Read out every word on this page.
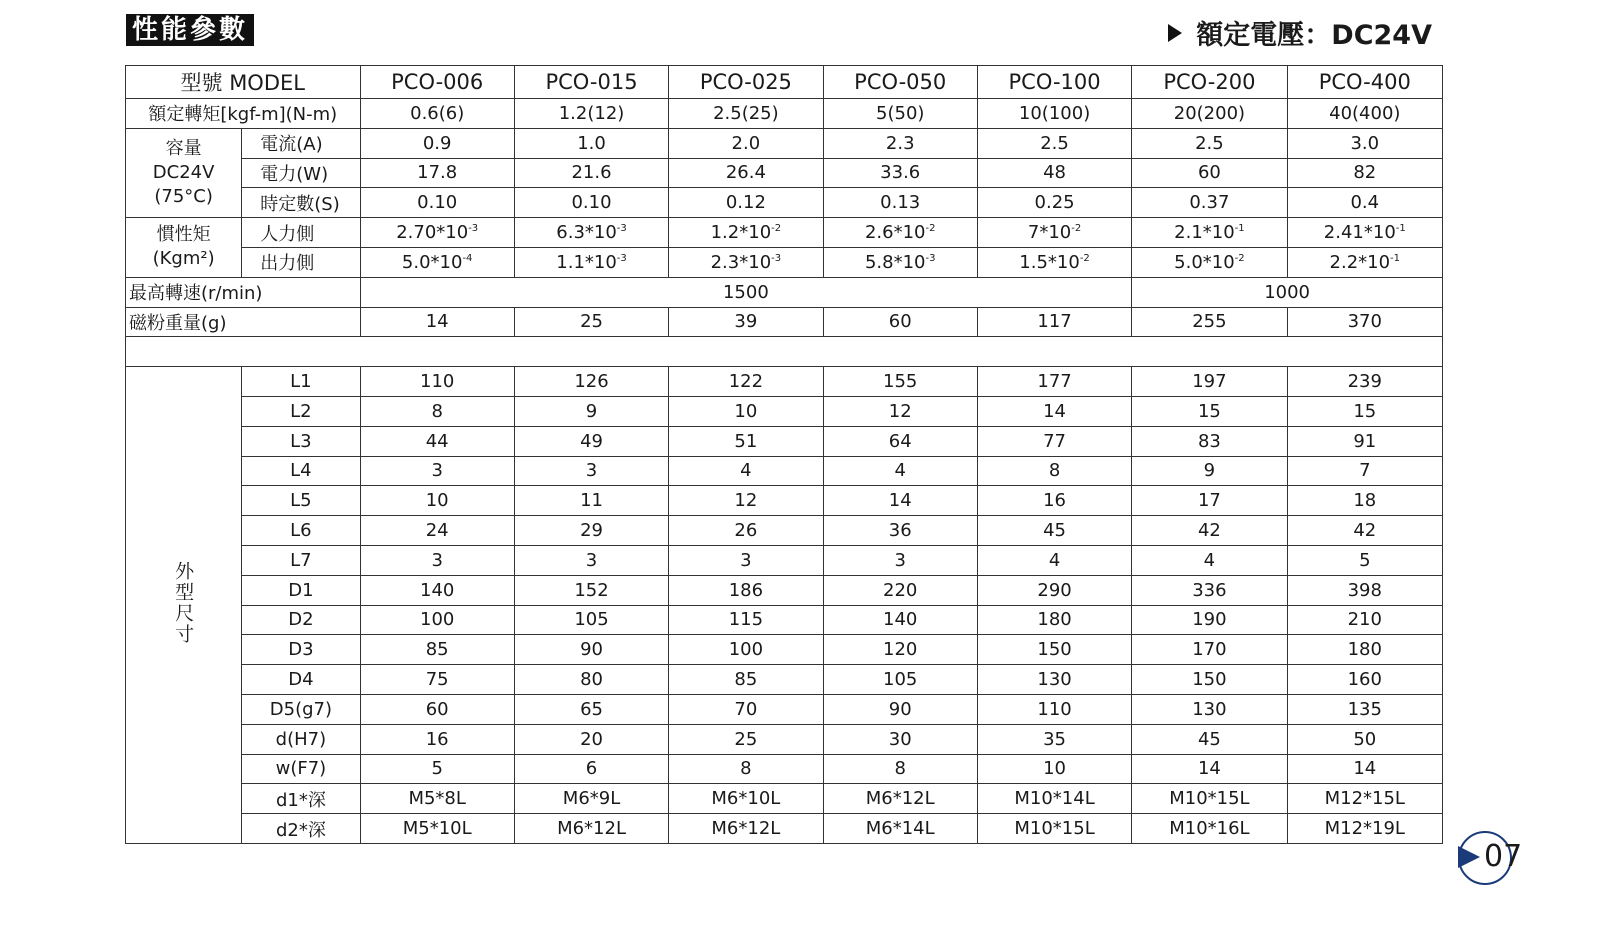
性能參數	額定電壓：DC24V
型號 MODEL		PCO-006	PCO-015	PCO-025	PCO-050	PCO-100	PCO-200	PCO-400
額定轉矩[kgf-m](N-m)		0.6(6)	1.2(12)	2.5(25)	5(50)	10(100)	20(200)	40(400)
容量
DC24V
(75°C)	電流(A)	0.9	1.0	2.0	2.3	2.5	2.5	3.0
	電力(W)	17.8	21.6	26.4	33.6	48	60	82
	時定數(S)	0.10	0.10	0.12	0.13	0.25	0.37	0.4
慣性矩
(Kgm²)	人力側	$2.70*10^{-3}$	$6.3*10^{-3}$	$1.2*10^{-2}$	$2.6*10^{-2}$	$7*10^{-2}$	$2.1*10^{-1}$	$2.41*10^{-1}$
	出力側	$5.0*10^{-4}$	$1.1*10^{-3}$	$2.3*10^{-3}$	$5.8*10^{-3}$	$1.5*10^{-2}$	$5.0*10^{-2}$	$2.2*10^{-1}$
最高轉速(r/min)		1500					1000	
磁粉重量(g)		14	25	39	60	117	255	370

外型尺寸	L1	110	126	122	155	177	197	239
	L2	8	9	10	12	14	15	15
	L3	44	49	51	64	77	83	91
	L4	3	3	4	4	8	9	7
	L5	10	11	12	14	16	17	18
	L6	24	29	26	36	45	42	42
	L7	3	3	3	3	4	4	5
	D1	140	152	186	220	290	336	398
	D2	100	105	115	140	180	190	210
	D3	85	90	100	120	150	170	180
	D4	75	80	85	105	130	150	160
	D5(g7)	60	65	70	90	110	130	135
	d(H7)	16	20	25	30	35	45	50
	w(F7)	5	6	8	8	10	14	14
	d1*深	M5*8L	M6*9L	M6*10L	M6*12L	M10*14L	M10*15L	M12*15L
	d2*深	M5*10L	M6*12L	M6*12L	M6*14L	M10*15L	M10*16L	M12*19L
07
